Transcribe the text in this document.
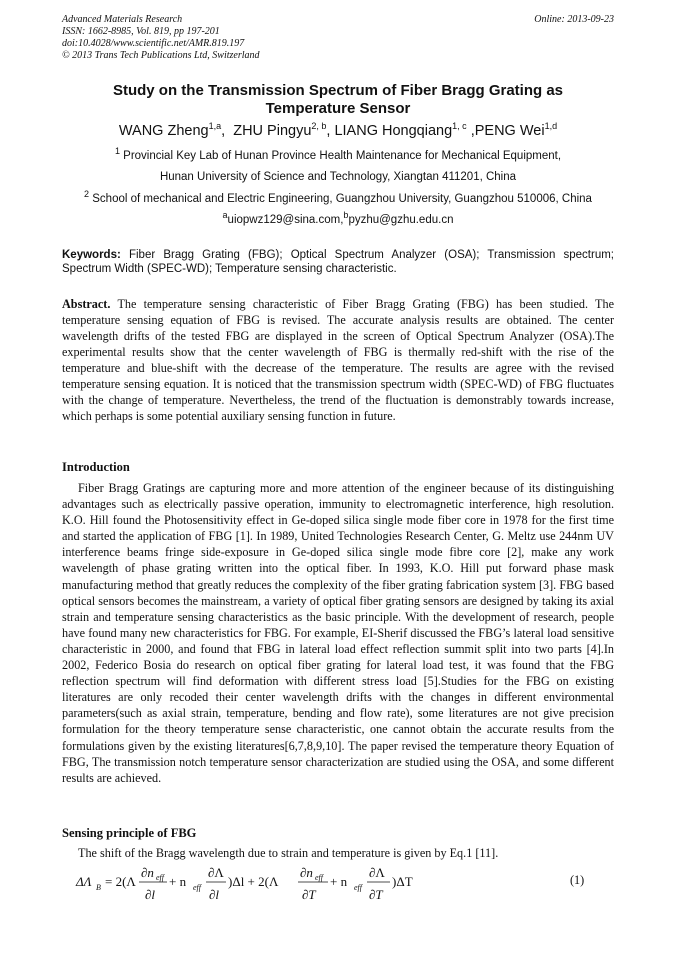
Advanced Materials Research
ISSN: 1662-8985, Vol. 819, pp 197-201
doi:10.4028/www.scientific.net/AMR.819.197
© 2013 Trans Tech Publications Ltd, Switzerland
Online: 2013-09-23
Study on the Transmission Spectrum of Fiber Bragg Grating as
Temperature Sensor
WANG Zheng$^{1,a}$,  ZHU Pingyu$^{2, b}$, LIANG Hongqiang$^{1, c}$ ,PENG Wei$^{1,d}$
$^1$ Provincial Key Lab of Hunan Province Health Maintenance for Mechanical Equipment,
Hunan University of Science and Technology, Xiangtan 411201, China
$^2$ School of mechanical and Electric Engineering, Guangzhou University, Guangzhou 510006, China
$^a$uiopwz129@sina.com,$^b$pyzhu@gzhu.edu.cn
Keywords: Fiber Bragg Grating (FBG); Optical Spectrum Analyzer (OSA); Transmission spectrum; Spectrum Width (SPEC-WD); Temperature sensing characteristic.
Abstract. The temperature sensing characteristic of Fiber Bragg Grating (FBG) has been studied. The temperature sensing equation of FBG is revised. The accurate analysis results are obtained. The center wavelength drifts of the tested FBG are displayed in the screen of Optical Spectrum Analyzer (OSA).The experimental results show that the center wavelength of FBG is thermally red-shift with the rise of the temperature and blue-shift with the decrease of the temperature. The results are agree with the revised temperature sensing equation. It is noticed that the transmission spectrum width (SPEC-WD) of FBG fluctuates with the change of temperature. Nevertheless, the trend of the fluctuation is demonstrably towards increase, which perhaps is some potential auxiliary sensing function in future.
Introduction
Fiber Bragg Gratings are capturing more and more attention of the engineer because of its distinguishing advantages such as electrically passive operation, immunity to electromagnetic interference, high resolution. K.O. Hill found the Photosensitivity effect in Ge-doped silica single mode fiber core in 1978 for the first time and started the application of FBG [1]. In 1989, United Technologies Research Center, G. Meltz use 244nm UV interference beams fringe side-exposure in Ge-doped silica single mode fibre core [2], make any work wavelength of phase grating written into the optical fiber. In 1993, K.O. Hill put forward phase mask manufacturing method that greatly reduces the complexity of the fiber grating fabrication system [3]. FBG based optical sensors becomes the mainstream, a variety of optical fiber grating sensors are designed by taking its axial strain and temperature sensing characteristics as the basic principle. With the development of research, people have found many new characteristics for FBG. For example, EI-Sherif discussed the FBG’s lateral load sensitive characteristic in 2000, and found that FBG in lateral load effect reflection summit split into two parts [4].In 2002, Federico Bosia do research on optical fiber grating for lateral load test, it was found that the FBG reflection spectrum will find deformation with different stress load [5].Studies for the FBG on existing literatures are only recoded their center wavelength drifts with the changes in different environmental parameters(such as axial strain, temperature, bending and flow rate), some literatures are not give precision formulation for the theory temperature sense characteristic, one cannot obtain the accurate results from the formulations given by the existing literatures[6,7,8,9,10]. The paper revised the temperature theory Equation of FBG, The transmission notch temperature sensor characterization are studied using the OSA, and some different results are achieved.
Sensing principle of FBG
The shift of the Bragg wavelength due to strain and temperature is given by Eq.1 [11].
ΔΛ B = 2(Λ
∂n eff
∂l
+ n eff
∂Λ
∂l
)Δl + 2(Λ
∂n eff
∂T
+ n eff
∂Λ
∂T
)ΔT	(1)
